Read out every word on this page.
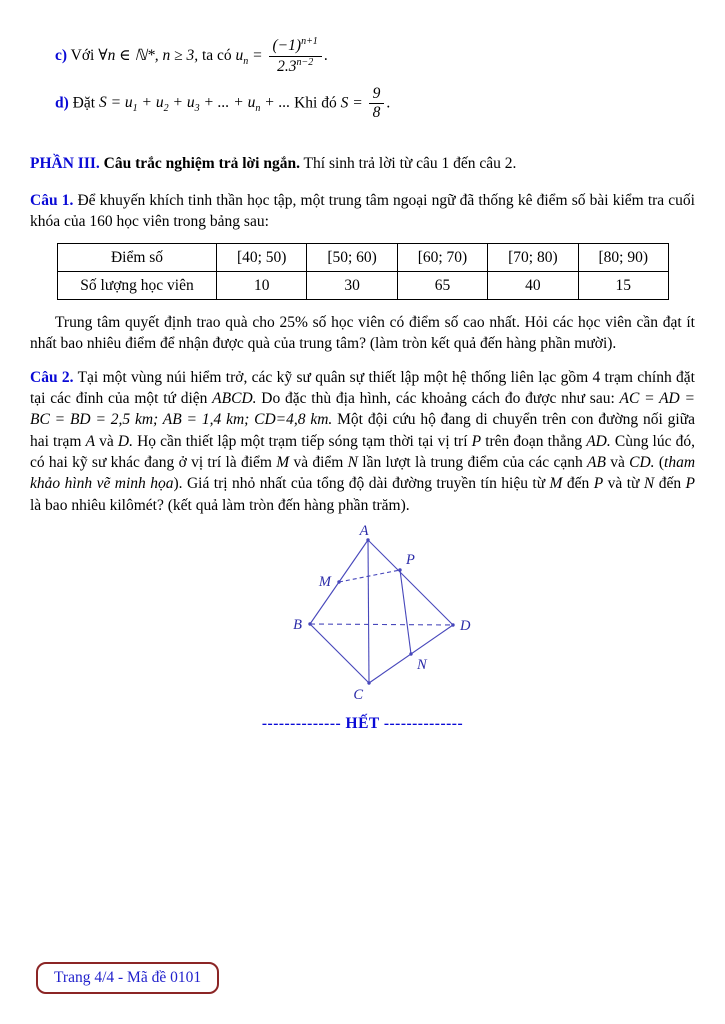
c) Với ∀n ∈ ℕ*, n ≥ 3, ta có $u_n = \frac{(-1)^{n+1}}{2.3^{n-2}}$ .
d) Đặt $S = u_1 + u_2 + u_3$ + ... + $u_n$ + ... Khi đó $S = \frac{9}{8}$ .
PHẦN III. Câu trắc nghiệm trả lời ngắn. Thí sinh trả lời từ câu 1 đến câu 2.
Câu 1. Để khuyến khích tinh thần học tập, một trung tâm ngoại ngữ đã thống kê điểm số bài kiểm tra cuối khóa của 160 học viên trong bảng sau:
Điểm số	[40; 50)	[50; 60)	[60; 70)	[70; 80)	[80; 90)
Số lượng học viên	10	30	65	40	15
Trung tâm quyết định trao quà cho 25% số học viên có điểm số cao nhất. Hỏi các học viên cần đạt ít nhất bao nhiêu điểm để nhận được quà của trung tâm? (làm tròn kết quả đến hàng phần mười).
Câu 2. Tại một vùng núi hiểm trở, các kỹ sư quân sự thiết lập một hệ thống liên lạc gồm 4 trạm chính đặt tại các đỉnh của một tứ diện ABCD. Do đặc thù địa hình, các khoảng cách đo được như sau: AC = AD = BC = BD = 2,5 km; AB = 1,4 km; CD=4,8 km. Một đội cứu hộ đang di chuyển trên con đường nối giữa hai trạm A và D. Họ cần thiết lập một trạm tiếp sóng tạm thời tại vị trí P trên đoạn thẳng AD. Cùng lúc đó, có hai kỹ sư khác đang ở vị trí là điểm M và điểm N lần lượt là trung điểm của các cạnh AB và CD. (tham khảo hình vẽ minh họa). Giá trị nhỏ nhất của tổng độ dài đường truyền tín hiệu từ M đến P và từ N đến P là bao nhiêu kilômét? (kết quả làm tròn đến hàng phần trăm).
A
B
C
D
M
P
N
-------------- HẾT --------------
Trang 4/4 - Mã đề 0101
